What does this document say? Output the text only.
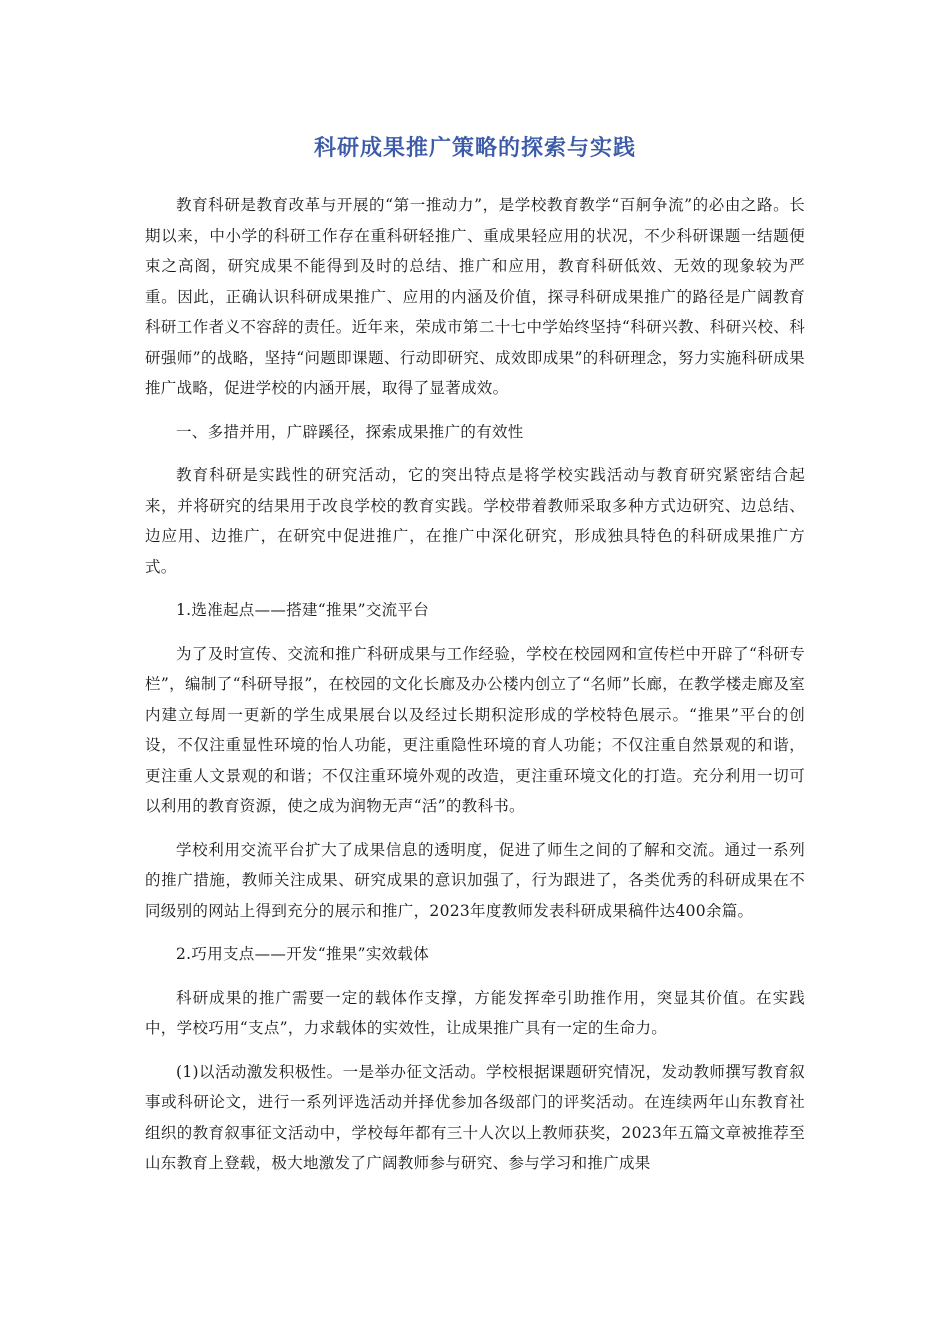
科研成果推广策略的探索与实践

教育科研是教育改革与开展的“第一推动力”，是学校教育教学“百舸争流”的必由之路。长期以来，中小学的科研工作存在重科研轻推广、重成果轻应用的状况，不少科研课题一结题便束之高阁，研究成果不能得到及时的总结、推广和应用，教育科研低效、无效的现象较为严重。因此，正确认识科研成果推广、应用的内涵及价值，探寻科研成果推广的路径是广阔教育科研工作者义不容辞的责任。近年来，荣成市第二十七中学始终坚持“科研兴教、科研兴校、科研强师”的战略，坚持“问题即课题、行动即研究、成效即成果”的科研理念，努力实施科研成果推广战略，促进学校的内涵开展，取得了显著成效。

一、多措并用，广辟蹊径，探索成果推广的有效性

教育科研是实践性的研究活动，它的突出特点是将学校实践活动与教育研究紧密结合起来，并将研究的结果用于改良学校的教育实践。学校带着教师采取多种方式边研究、边总结、边应用、边推广，在研究中促进推广，在推广中深化研究，形成独具特色的科研成果推广方式。

1.选准起点——搭建“推果”交流平台

为了及时宣传、交流和推广科研成果与工作经验，学校在校园网和宣传栏中开辟了“科研专栏”，编制了“科研导报”，在校园的文化长廊及办公楼内创立了“名师”长廊，在教学楼走廊及室内建立每周一更新的学生成果展台以及经过长期积淀形成的学校特色展示。“推果”平台的创设，不仅注重显性环境的怡人功能，更注重隐性环境的育人功能；不仅注重自然景观的和谐，更注重人文景观的和谐；不仅注重环境外观的改造，更注重环境文化的打造。充分利用一切可以利用的教育资源，使之成为润物无声“活”的教科书。

学校利用交流平台扩大了成果信息的透明度，促进了师生之间的了解和交流。通过一系列的推广措施，教师关注成果、研究成果的意识加强了，行为跟进了，各类优秀的科研成果在不同级别的网站上得到充分的展示和推广，2023年度教师发表科研成果稿件达400余篇。

2.巧用支点——开发“推果”实效载体

科研成果的推广需要一定的载体作支撑，方能发挥牵引助推作用，突显其价值。在实践中，学校巧用“支点”，力求载体的实效性，让成果推广具有一定的生命力。

(1)以活动激发积极性。一是举办征文活动。学校根据课题研究情况，发动教师撰写教育叙事或科研论文，进行一系列评选活动并择优参加各级部门的评奖活动。在连续两年山东教育社组织的教育叙事征文活动中，学校每年都有三十人次以上教师获奖，2023年五篇文章被推荐至山东教育上登载，极大地激发了广阔教师参与研究、参与学习和推广成果
